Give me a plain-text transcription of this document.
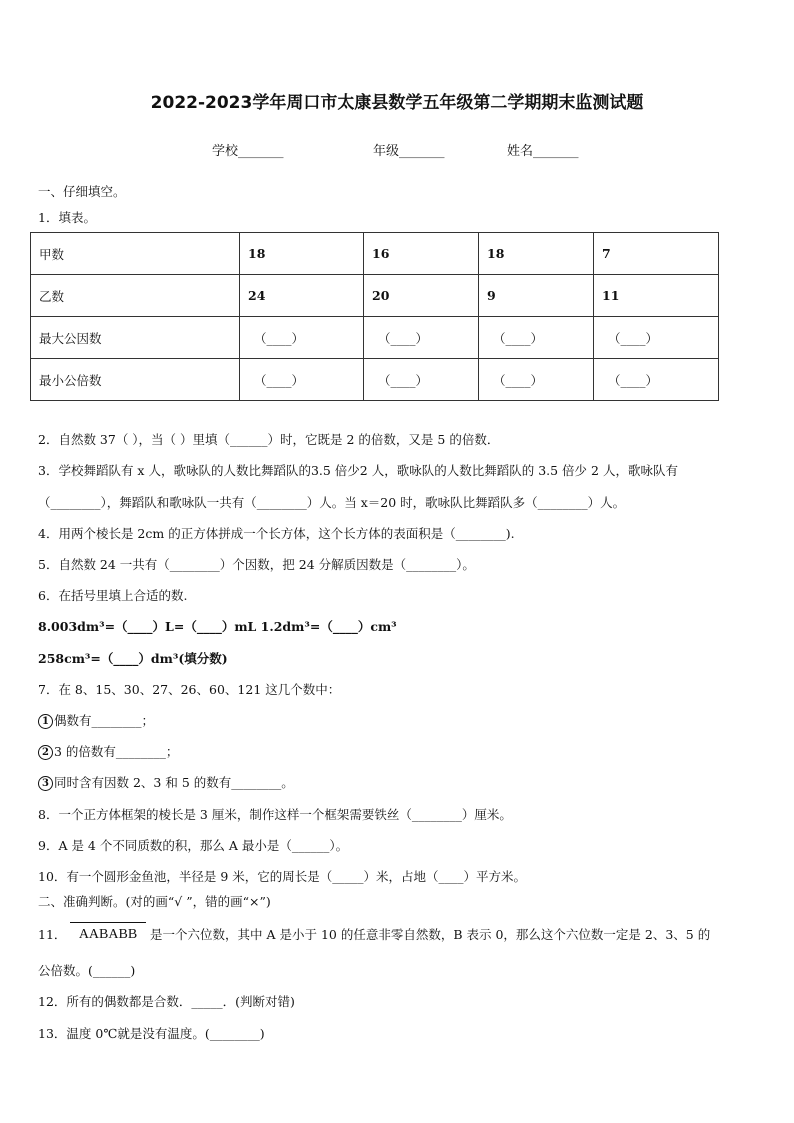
2022-2023学年周口市太康县数学五年级第二学期期末监测试题
学校_______	年级_______	姓名_______
一、仔细填空。
1．填表。
甲数	18	16	18	7
乙数	24	20	9	11
最大公因数	（____）	（____）	（____）	（____）
最小公倍数	（____）	（____）	（____）	（____）
2．自然数 37（ ），当（ ）里填（______）时，它既是 2 的倍数，又是 5 的倍数．
3．学校舞蹈队有 x 人，歌咏队的人数比舞蹈队的3.5 倍少2 人，歌咏队的人数比舞蹈队的 3.5 倍少 2 人，歌咏队有
（________），舞蹈队和歌咏队一共有（________）人。当 x＝20 时，歌咏队比舞蹈队多（________）人。
4．用两个棱长是 2cm 的正方体拼成一个长方体，这个长方体的表面积是（________).
5．自然数 24 一共有（________）个因数，把 24 分解质因数是（________）。
6．在括号里填上合适的数.
8.003dm³=（____）L=（____）mL 1.2dm³=（____）cm³
258cm³=（____）dm³(填分数)
7．在 8、15、30、27、26、60、121 这几个数中：
1 偶数有________；
2 3 的倍数有________；
3 同时含有因数 2、3 和 5 的数有________。
8．一个正方体框架的棱长是 3 厘米，制作这样一个框架需要铁丝（________）厘米。
9．A 是 4 个不同质数的积，那么 A 最小是（______）。
10．有一个圆形金鱼池，半径是 9 米，它的周长是（_____）米，占地（____）平方米。
二、准确判断。(对的画“√ ”，错的画“×”)
11． AABABB	是一个六位数，其中 A 是小于 10 的任意非零自然数，B 表示 0，那么这个六位数一定是 2、3、5 的
公倍数。(______)
12．所有的偶数都是合数．_____．(判断对错)
13．温度 0℃就是没有温度。(________)
